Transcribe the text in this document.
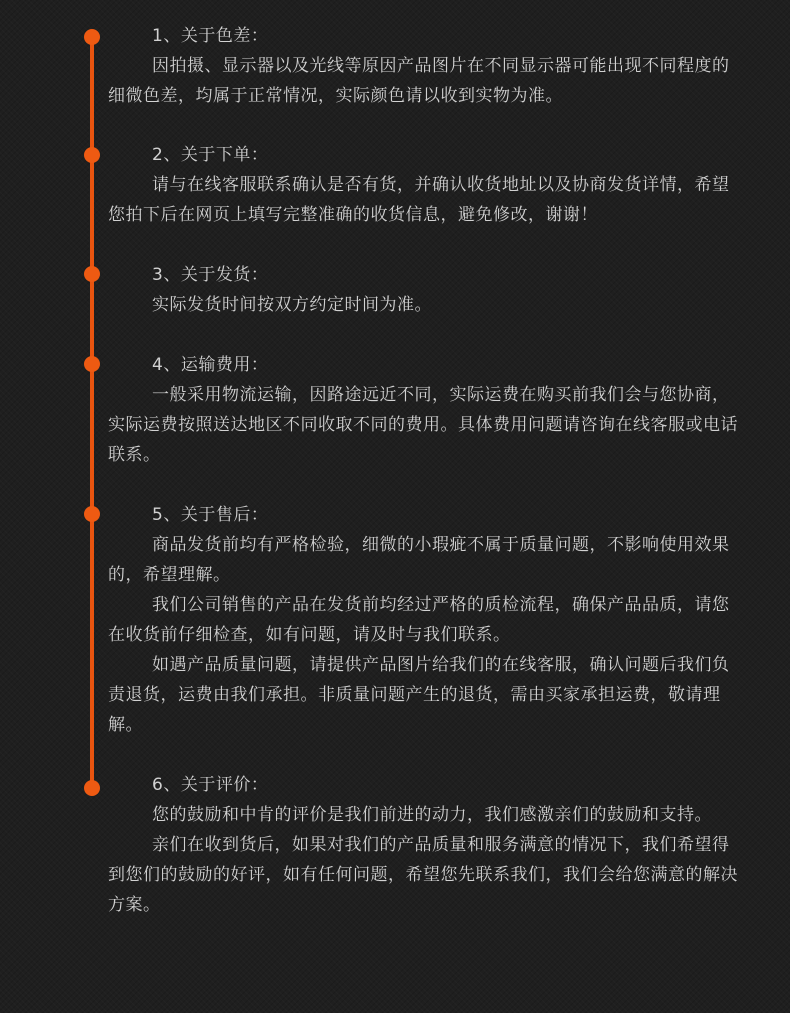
1、关于色差：

因拍摄、显示器以及光线等原因产品图片在不同显示器可能出现不同程度的细微色差，均属于正常情况，实际颜色请以收到实物为准。

2、关于下单：

请与在线客服联系确认是否有货，并确认收货地址以及协商发货详情，希望您拍下后在网页上填写完整准确的收货信息，避免修改，谢谢！

3、关于发货：

实际发货时间按双方约定时间为准。

4、运输费用：

一般采用物流运输，因路途远近不同，实际运费在购买前我们会与您协商，实际运费按照送达地区不同收取不同的费用。具体费用问题请咨询在线客服或电话联系。

5、关于售后：

商品发货前均有严格检验，细微的小瑕疵不属于质量问题，不影响使用效果的，希望理解。

我们公司销售的产品在发货前均经过严格的质检流程，确保产品品质，请您在收货前仔细检查，如有问题，请及时与我们联系。

如遇产品质量问题，请提供产品图片给我们的在线客服，确认问题后我们负责退货，运费由我们承担。非质量问题产生的退货，需由买家承担运费，敬请理解。

6、关于评价：

您的鼓励和中肯的评价是我们前进的动力，我们感激亲们的鼓励和支持。

亲们在收到货后，如果对我们的产品质量和服务满意的情况下，我们希望得到您们的鼓励的好评，如有任何问题，希望您先联系我们，我们会给您满意的解决方案。
